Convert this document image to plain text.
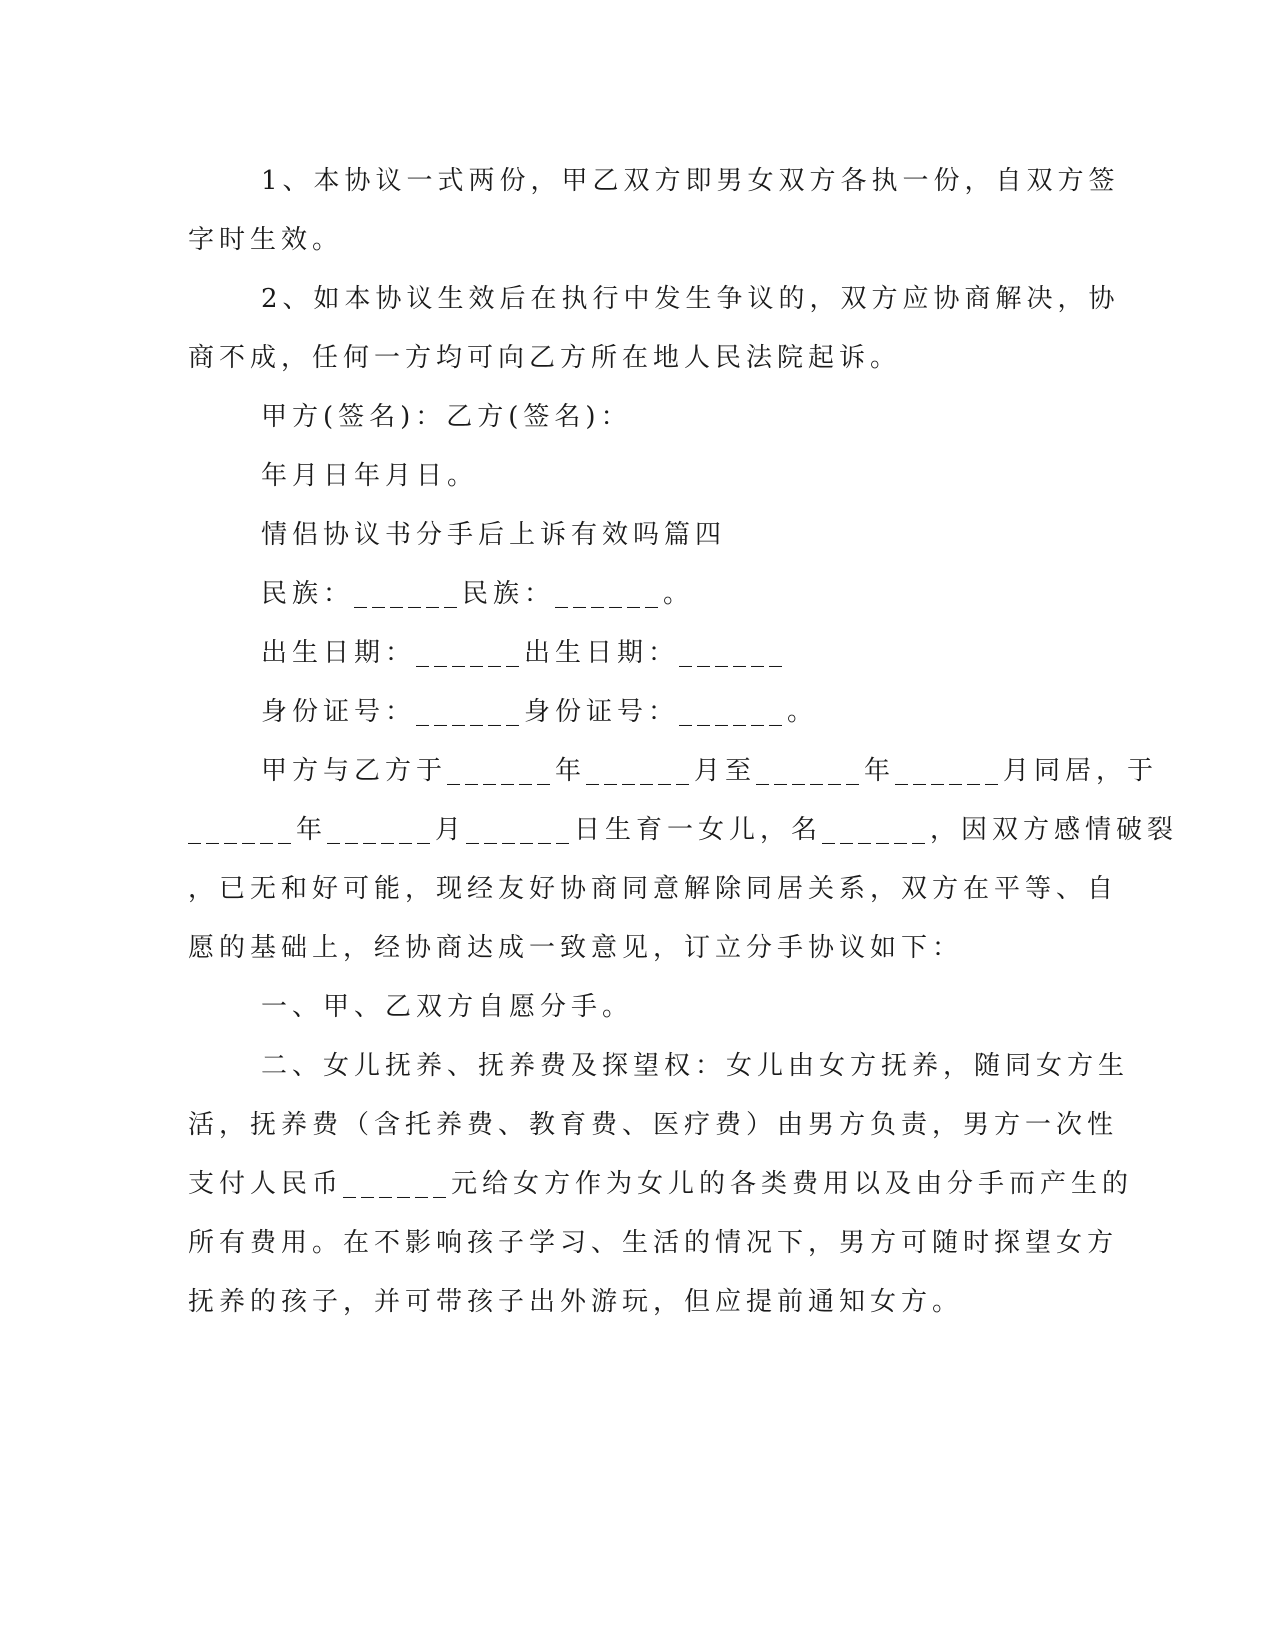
1、本协议一式两份，甲乙双方即男女双方各执一份，自双方签
字时生效。
2、如本协议生效后在执行中发生争议的，双方应协商解决，协
商不成，任何一方均可向乙方所在地人民法院起诉。
甲方(签名)：乙方(签名)：
年月日年月日。
情侣协议书分手后上诉有效吗篇四
民族：______民族：______。
出生日期：______出生日期：______
身份证号：______身份证号：______。
甲方与乙方于______年______月至______年______月同居，于
______年______月______日生育一女儿，名______，因双方感情破裂
，已无和好可能，现经友好协商同意解除同居关系，双方在平等、自
愿的基础上，经协商达成一致意见，订立分手协议如下：
一、甲、乙双方自愿分手。
二、女儿抚养、抚养费及探望权：女儿由女方抚养，随同女方生
活，抚养费（含托养费、教育费、医疗费）由男方负责，男方一次性
支付人民币______元给女方作为女儿的各类费用以及由分手而产生的
所有费用。在不影响孩子学习、生活的情况下，男方可随时探望女方
抚养的孩子，并可带孩子出外游玩，但应提前通知女方。
